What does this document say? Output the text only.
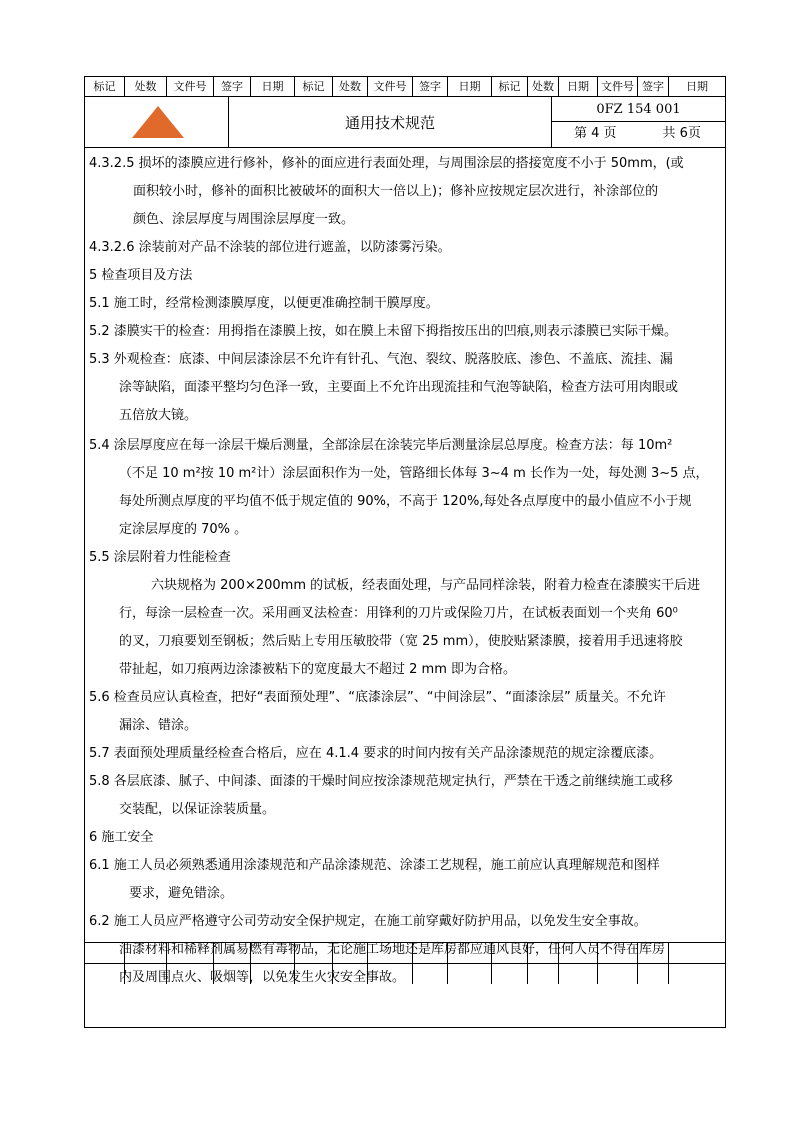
标记	处数	文件号	签字	日期	标记	处数	文件号	签字	日期	标记	处数	日期	文件号 签字	日期
通用技术规范
0FZ 154 001
第 4 页	共 6页
4.3.2.5 损坏的漆膜应进行修补，修补的面应进行表面处理，与周围涂层的搭接宽度不小于 50mm，(或
面积较小时，修补的面积比被破坏的面积大一倍以上)；修补应按规定层次进行，补涂部位的
颜色、涂层厚度与周围涂层厚度一致。
4.3.2.6 涂装前对产品不涂装的部位进行遮盖，以防漆雾污染。
5 检查项目及方法
5.1 施工时，经常检测漆膜厚度，以便更准确控制干膜厚度。
5.2 漆膜实干的检查：用拇指在漆膜上按，如在膜上未留下拇指按压出的凹痕,则表示漆膜已实际干燥。
5.3 外观检查：底漆、中间层漆涂层不允许有针孔、气泡、裂纹、脱落胶底、渗色、不盖底、流挂、漏
涂等缺陷，面漆平整均匀色泽一致，主要面上不允许出现流挂和气泡等缺陷，检查方法可用肉眼或
五倍放大镜。
5.4 涂层厚度应在每一涂层干燥后测量，全部涂层在涂装完毕后测量涂层总厚度。检查方法：每 10m²
（不足 10 m²按 10 m²计）涂层面积作为一处，管路细长体每 3~4 m 长作为一处，每处测 3~5 点，
每处所测点厚度的平均值不低于规定值的 90%，不高于 120%,每处各点厚度中的最小值应不小于规
定涂层厚度的 70% 。
5.5 涂层附着力性能检查
六块规格为 200×200mm 的试板，经表面处理，与产品同样涂装，附着力检查在漆膜实干后进
行，每涂一层检查一次。采用画叉法检查：用锋利的刀片或保险刀片，在试板表面划一个夹角 60⁰
的叉，刀痕要划至钢板；然后贴上专用压敏胶带（宽 25 mm），使胶贴紧漆膜，接着用手迅速将胶
带扯起，如刀痕两边涂漆被粘下的宽度最大不超过 2 mm 即为合格。
5.6 检查员应认真检查，把好“表面预处理”、“底漆涂层”、“中间涂层”、“面漆涂层” 质量关。不允许
漏涂、错涂。
5.7 表面预处理质量经检查合格后，应在 4.1.4 要求的时间内按有关产品涂漆规范的规定涂覆底漆。
5.8 各层底漆、腻子、中间漆、面漆的干燥时间应按涂漆规范规定执行，严禁在干透之前继续施工或移
交装配，以保证涂装质量。
6 施工安全
6.1 施工人员必须熟悉通用涂漆规范和产品涂漆规范、涂漆工艺规程，施工前应认真理解规范和图样
要求，避免错涂。
6.2 施工人员应严格遵守公司劳动安全保护规定，在施工前穿戴好防护用品，以免发生安全事故。
油漆材料和稀释剂属易燃有毒物品，无论施工场地还是库房都应通风良好，任何人员不得在库房
内及周围点火、吸烟等，以免发生火灾安全事故。
